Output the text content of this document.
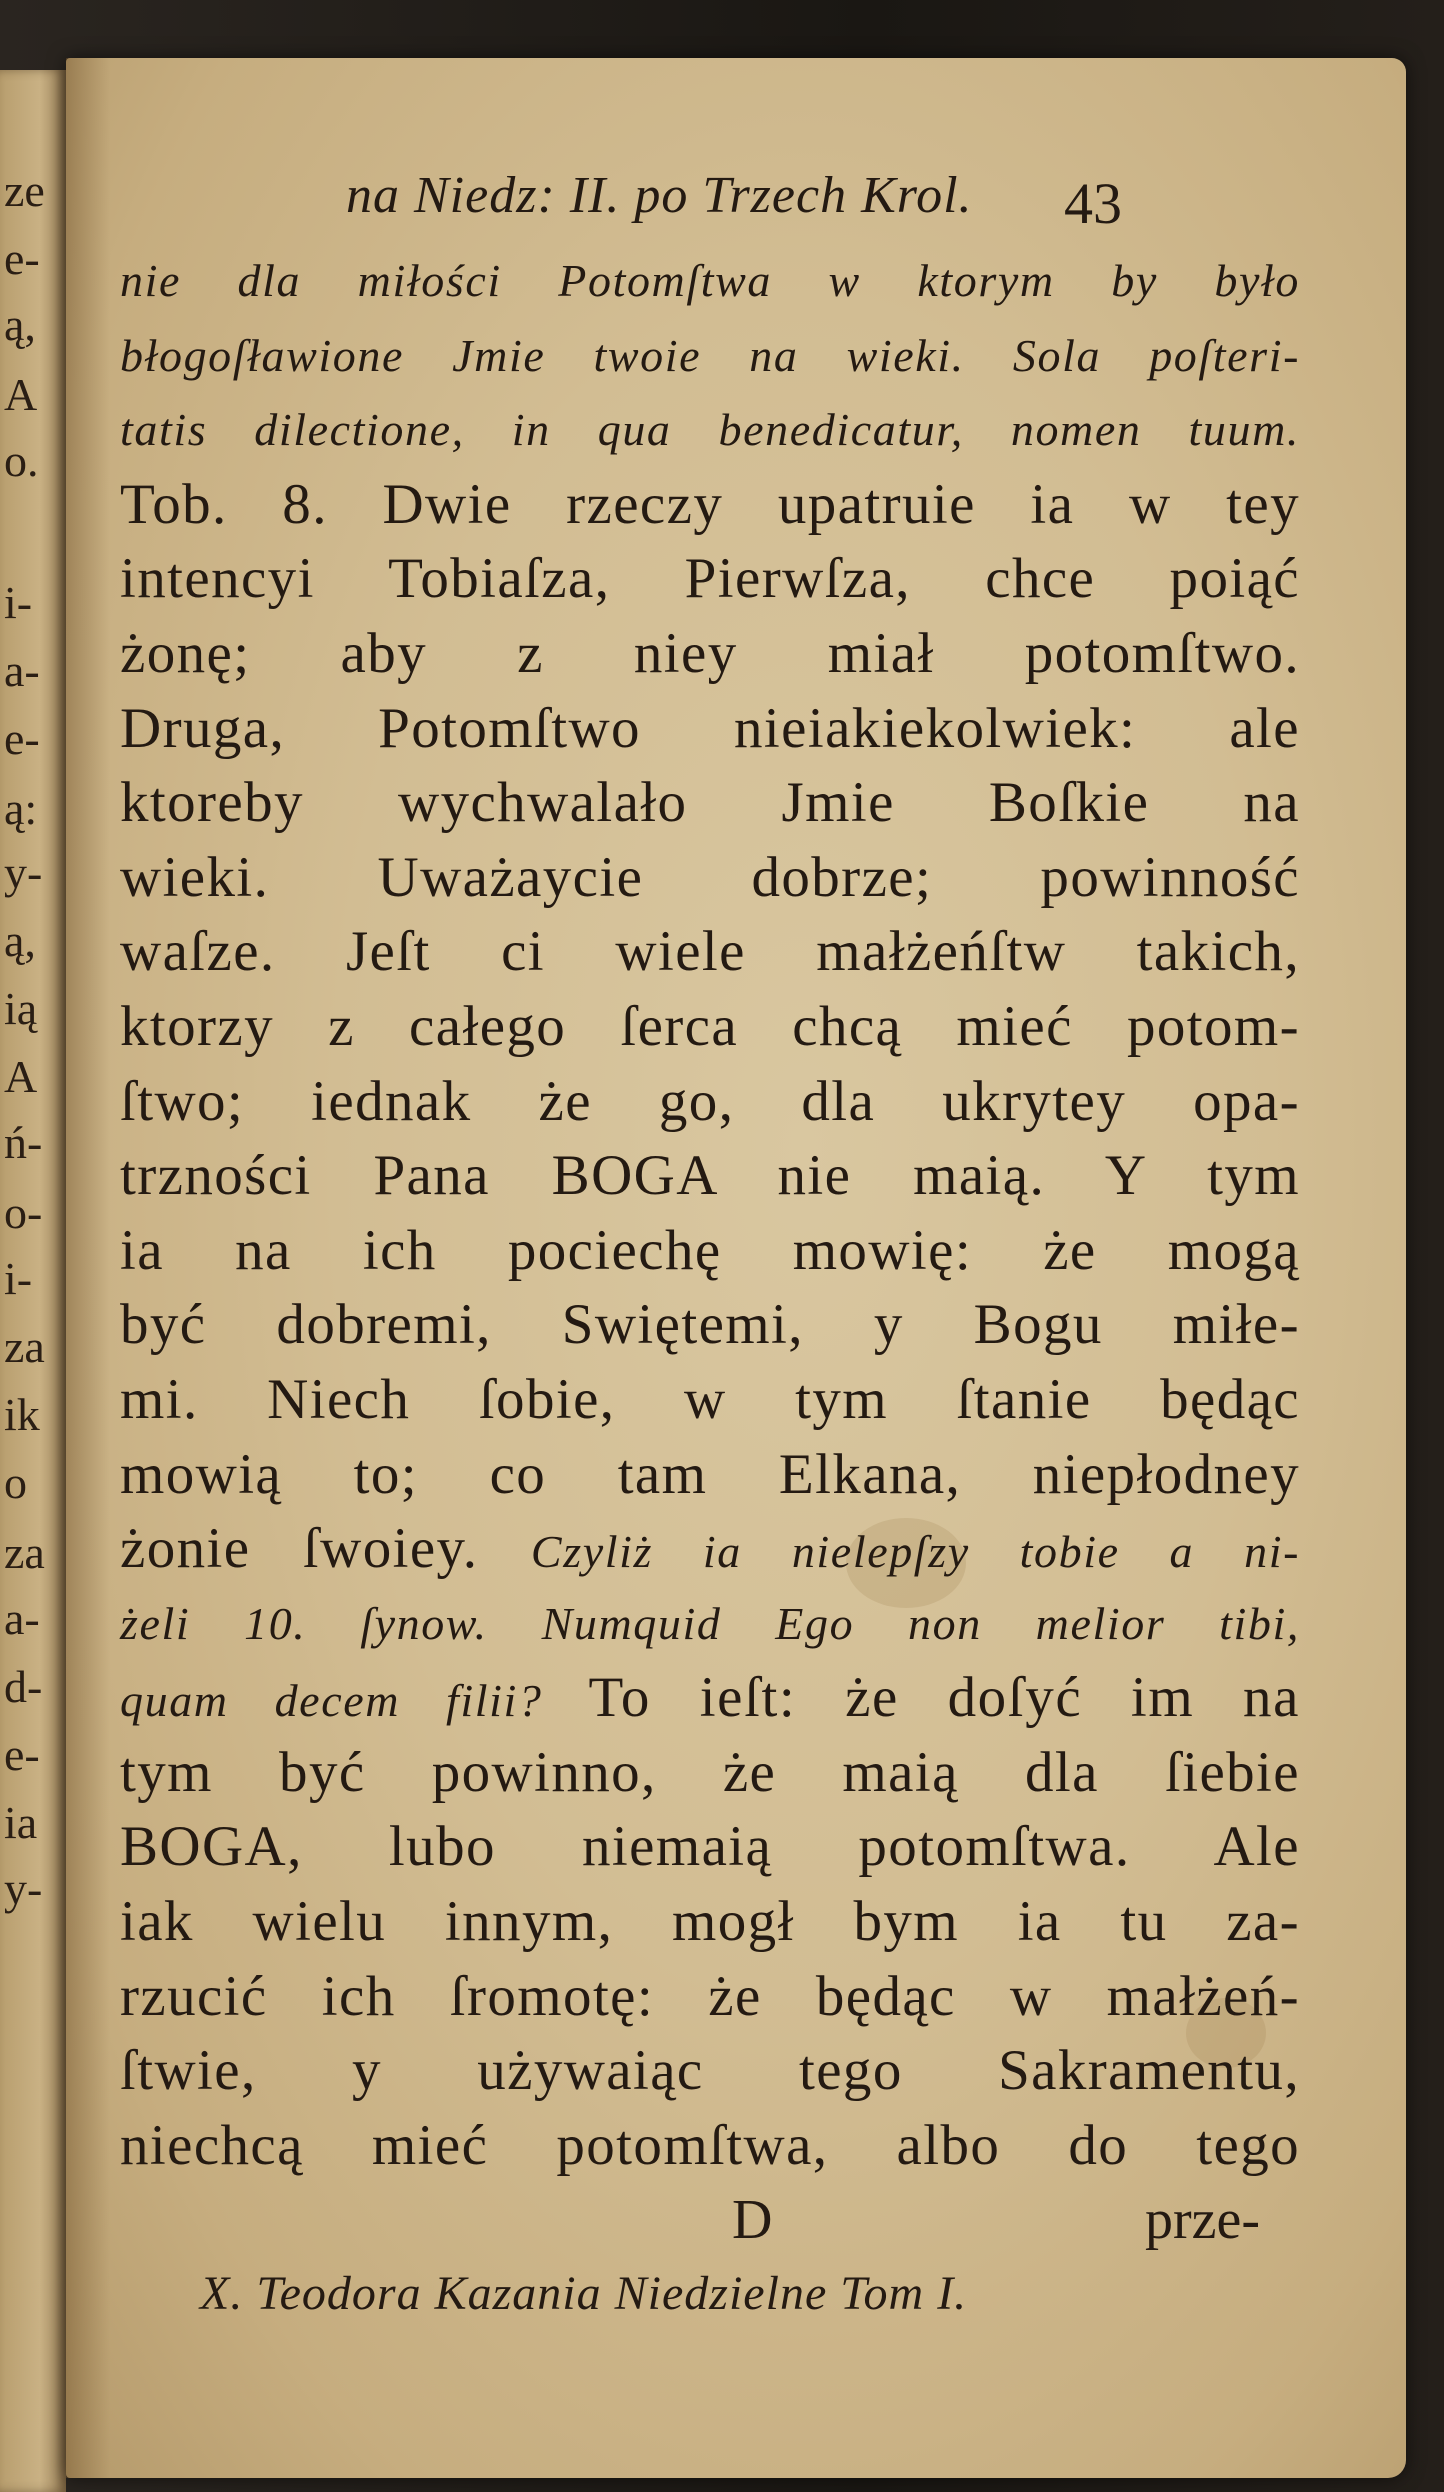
ze
e-
ą,
A
o.
i-
a-
e-
ą:
y-
ą,
ią
A
ń-
o-
i-
za
ik
o
za
a-
d-
e-
ia
y-
na Niedz: II. po Trzech Krol. 43
nie dla miłości Potomſtwa w ktorym by było
błogoſławione Jmie twoie na wieki. Sola poſteri-
tatis dilectione, in qua benedicatur, nomen tuum.
Tob. 8. Dwie rzeczy upatruie ia w tey
intencyi Tobiaſza, Pierwſza, chce poiąć
żonę; aby z niey miał potomſtwo.
Druga, Potomſtwo nieiakiekolwiek: ale
ktoreby wychwalało Jmie Boſkie na
wieki. Uważaycie dobrze; powinność
waſze. Jeſt ci wiele małżeńſtw takich,
ktorzy z całego ſerca chcą mieć potom-
ſtwo; iednak że go, dla ukrytey opa-
trzności Pana BOGA nie maią. Y tym
ia na ich pociechę mowię: że mogą
być dobremi, Swiętemi, y Bogu miłe-
mi. Niech ſobie, w tym ſtanie będąc
mowią to; co tam Elkana, niepłodney
żonie ſwoiey. Czyliż ia nielepſzy tobie a ni-
żeli 10. ſynow. Numquid Ego non melior tibi,
quam decem filii? To ieſt: że doſyć im na
tym być powinno, że maią dla ſiebie
BOGA, lubo niemaią potomſtwa. Ale
iak wielu innym, mogł bym ia tu za-
rzucić ich ſromotę: że będąc w małżeń-
ſtwie, y używaiąc tego Sakramentu,
niechcą mieć potomſtwa, albo do tego
D	prze-
X. Teodora Kazania Niedzielne Tom I.
